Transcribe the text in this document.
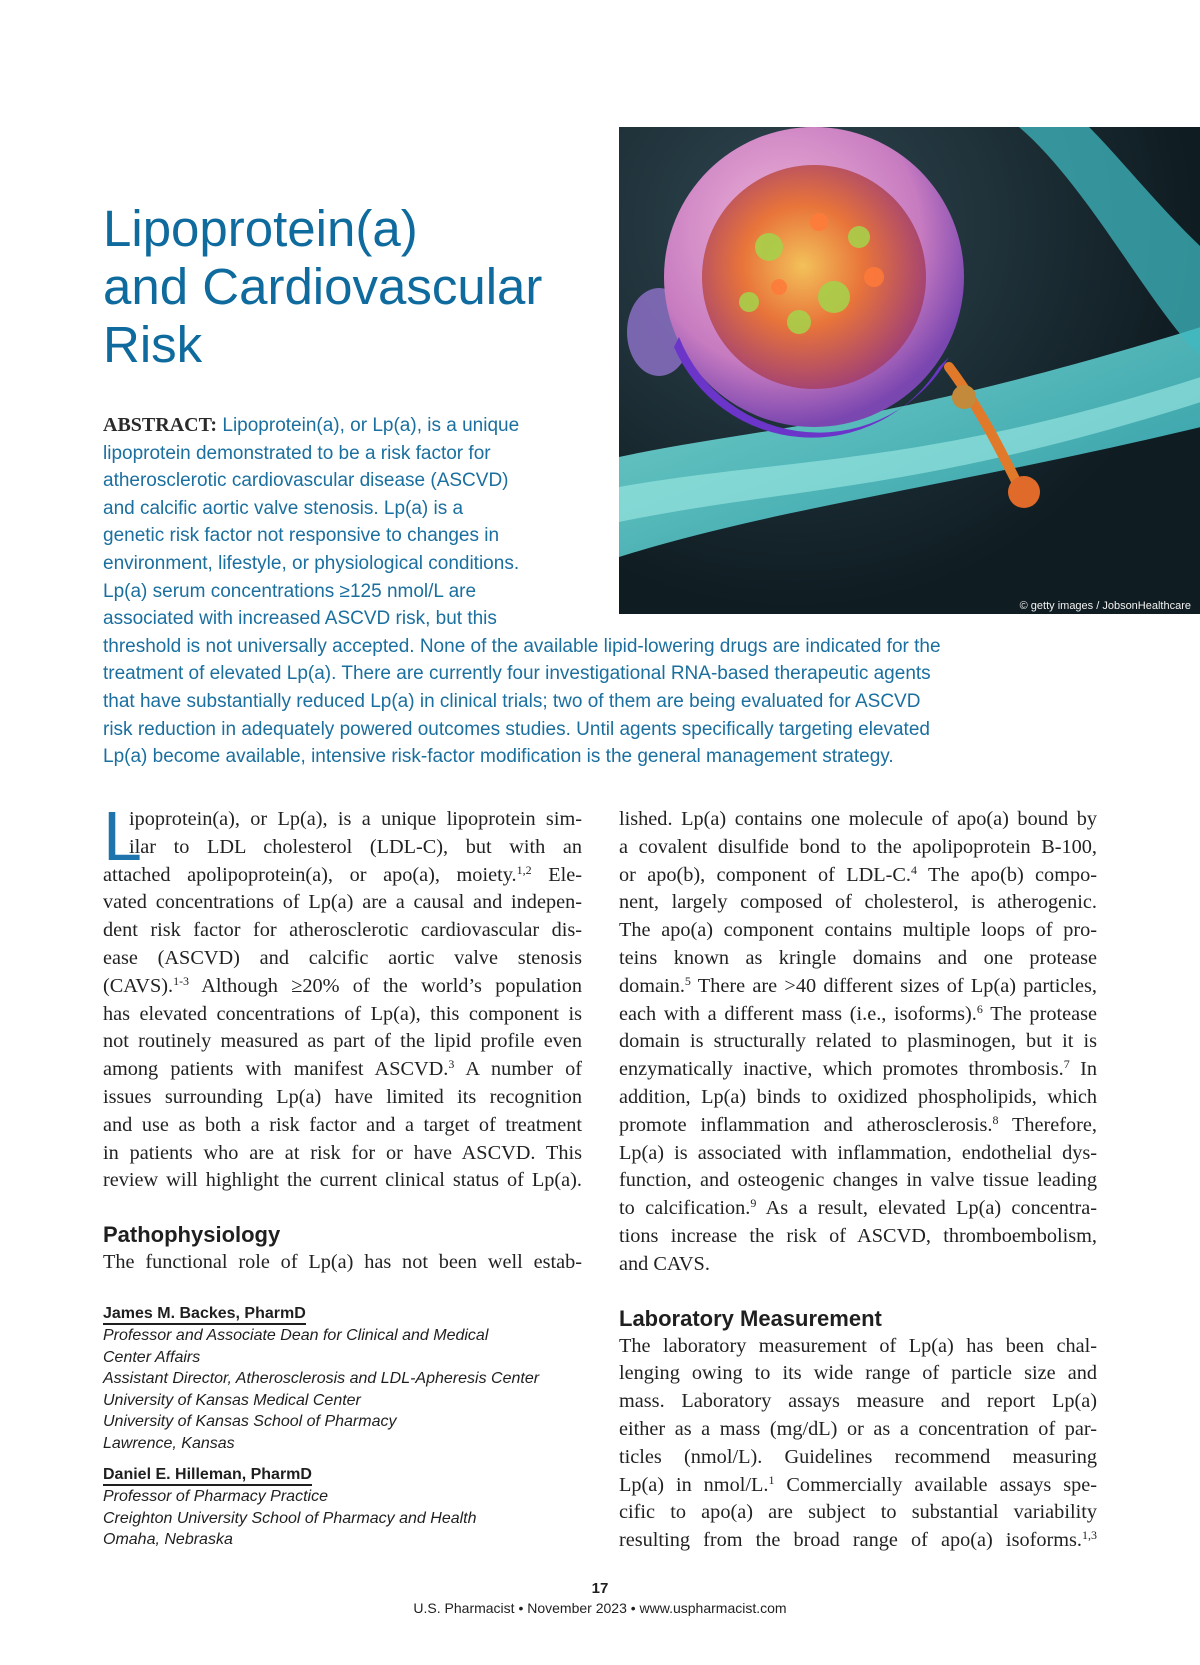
Lipoprotein(a)
and Cardiovascular
Risk
© getty images / JobsonHealthcare

ABSTRACT: Lipoprotein(a), or Lp(a), is a unique
lipoprotein demonstrated to be a risk factor for
atherosclerotic cardiovascular disease (ASCVD)
and calcific aortic valve stenosis. Lp(a) is a
genetic risk factor not responsive to changes in
environment, lifestyle, or physiological conditions.
Lp(a) serum concentrations ≥125 nmol/L are
associated with increased ASCVD risk, but this
threshold is not universally accepted. None of the available lipid-lowering drugs are indicated for the
treatment of elevated Lp(a). There are currently four investigational RNA-based therapeutic agents
that have substantially reduced Lp(a) in clinical trials; two of them are being evaluated for ASCVD
risk reduction in adequately powered outcomes studies. Until agents specifically targeting elevated
Lp(a) become available, intensive risk-factor modification is the general management strategy.

L
ipoprotein(a), or Lp(a), is a unique lipoprotein sim-
ilar to LDL cholesterol (LDL-C), but with an
attached apolipoprotein(a), or apo(a), moiety.$^{1,2}$ Ele-
vated concentrations of Lp(a) are a causal and indepen-
dent risk factor for atherosclerotic cardiovascular dis-
ease (ASCVD) and calcific aortic valve stenosis
(CAVS).$^{1-3}$ Although ≥20% of the world’s population
has elevated concentrations of Lp(a), this component is
not routinely measured as part of the lipid profile even
among patients with manifest ASCVD.$^3$ A number of
issues surrounding Lp(a) have limited its recognition
and use as both a risk factor and a target of treatment
in patients who are at risk for or have ASCVD. This
review will highlight the current clinical status of Lp(a).
Pathophysiology
The functional role of Lp(a) has not been well estab-
James M. Backes, PharmD
Professor and Associate Dean for Clinical and Medical
Center Affairs
Assistant Director, Atherosclerosis and LDL-Apheresis Center
University of Kansas Medical Center
University of Kansas School of Pharmacy
Lawrence, Kansas
Daniel E. Hilleman, PharmD
Professor of Pharmacy Practice
Creighton University School of Pharmacy and Health
Omaha, Nebraska
lished. Lp(a) contains one molecule of apo(a) bound by
a covalent disulfide bond to the apolipoprotein B-100,
or apo(b), component of LDL-C.$^4$ The apo(b) compo-
nent, largely composed of cholesterol, is atherogenic.
The apo(a) component contains multiple loops of pro-
teins known as kringle domains and one protease
domain.$^5$ There are >40 different sizes of Lp(a) particles,
each with a different mass (i.e., isoforms).$^6$ The protease
domain is structurally related to plasminogen, but it is
enzymatically inactive, which promotes thrombosis.$^7$ In
addition, Lp(a) binds to oxidized phospholipids, which
promote inflammation and atherosclerosis.$^8$ Therefore,
Lp(a) is associated with inflammation, endothelial dys-
function, and osteogenic changes in valve tissue leading
to calcification.$^9$ As a result, elevated Lp(a) concentra-
tions increase the risk of ASCVD, thromboembolism,
and CAVS.
Laboratory Measurement
The laboratory measurement of Lp(a) has been chal-
lenging owing to its wide range of particle size and
mass. Laboratory assays measure and report Lp(a)
either as a mass (mg/dL) or as a concentration of par-
ticles (nmol/L). Guidelines recommend measuring
Lp(a) in nmol/L.$^1$ Commercially available assays spe-
cific to apo(a) are subject to substantial variability
resulting from the broad range of apo(a) isoforms.$^{1,3}$
17
U.S. Pharmacist • November 2023 • www.uspharmacist.com
